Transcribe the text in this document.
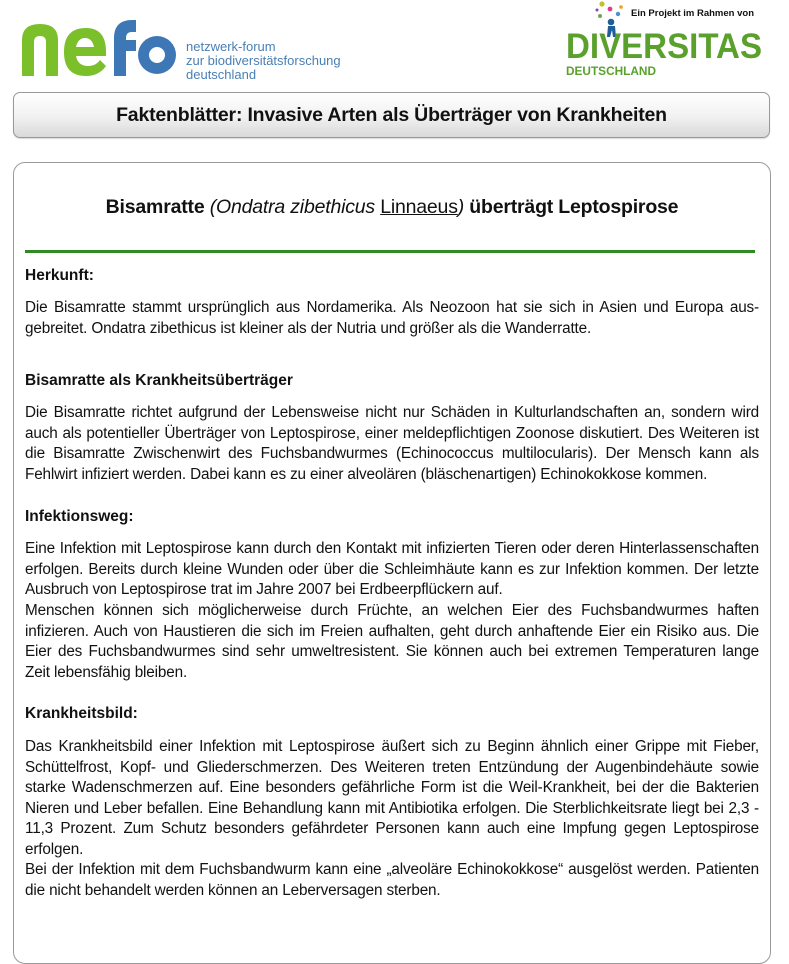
netzwerk-forum
zur biodiversitätsforschung
deutschland
Ein Projekt im Rahmen von
DIVERSITAS
DEUTSCHLAND
Faktenblätter: Invasive Arten als Überträger von Krankheiten
Bisamratte (Ondatra zibethicus Linnaeus) überträgt Leptospirose
Herkunft:
Die Bisamratte stammt ursprünglich aus Nordamerika. Als Neozoon hat sie sich in Asien und Europa aus-gebreitet. Ondatra zibethicus ist kleiner als der Nutria und größer als die Wanderratte.
Bisamratte als Krankheitsüberträger
Die Bisamratte richtet aufgrund der Lebensweise nicht nur Schäden in Kulturlandschaften an, sondern wird auch als potentieller Überträger von Leptospirose, einer meldepflichtigen Zoonose diskutiert. Des Weiteren ist die Bisamratte Zwischenwirt des Fuchsbandwurmes (Echinococcus multilocularis). Der Mensch kann als Fehlwirt infiziert werden. Dabei kann es zu einer alveolären (bläschenartigen) Echinokokkose kommen.
Infektionsweg:
Eine Infektion mit Leptospirose kann durch den Kontakt mit infizierten Tieren oder deren Hinterlassenschaften erfolgen. Bereits durch kleine Wunden oder über die Schleimhäute kann es zur Infektion kommen. Der letzte Ausbruch von Leptospirose trat im Jahre 2007 bei Erdbeerpflückern auf.
Menschen können sich möglicherweise durch Früchte, an welchen Eier des Fuchsbandwurmes haften infizieren. Auch von Haustieren die sich im Freien aufhalten, geht durch anhaftende Eier ein Risiko aus. Die Eier des Fuchsbandwurmes sind sehr umweltresistent. Sie können auch bei extremen Temperaturen lange Zeit lebensfähig bleiben.
Krankheitsbild:
Das Krankheitsbild einer Infektion mit Leptospirose äußert sich zu Beginn ähnlich einer Grippe mit Fieber, Schüttelfrost, Kopf- und Gliederschmerzen. Des Weiteren treten Entzündung der Augenbindehäute sowie starke Wadenschmerzen auf. Eine besonders gefährliche Form ist die Weil-Krankheit, bei der die Bakterien Nieren und Leber befallen. Eine Behandlung kann mit Antibiotika erfolgen. Die Sterblichkeitsrate liegt bei 2,3 - 11,3 Prozent. Zum Schutz besonders gefährdeter Personen kann auch eine Impfung gegen Leptospirose erfolgen.
Bei der Infektion mit dem Fuchsbandwurm kann eine „alveoläre Echinokokkose“ ausgelöst werden. Patienten die nicht behandelt werden können an Leberversagen sterben.
